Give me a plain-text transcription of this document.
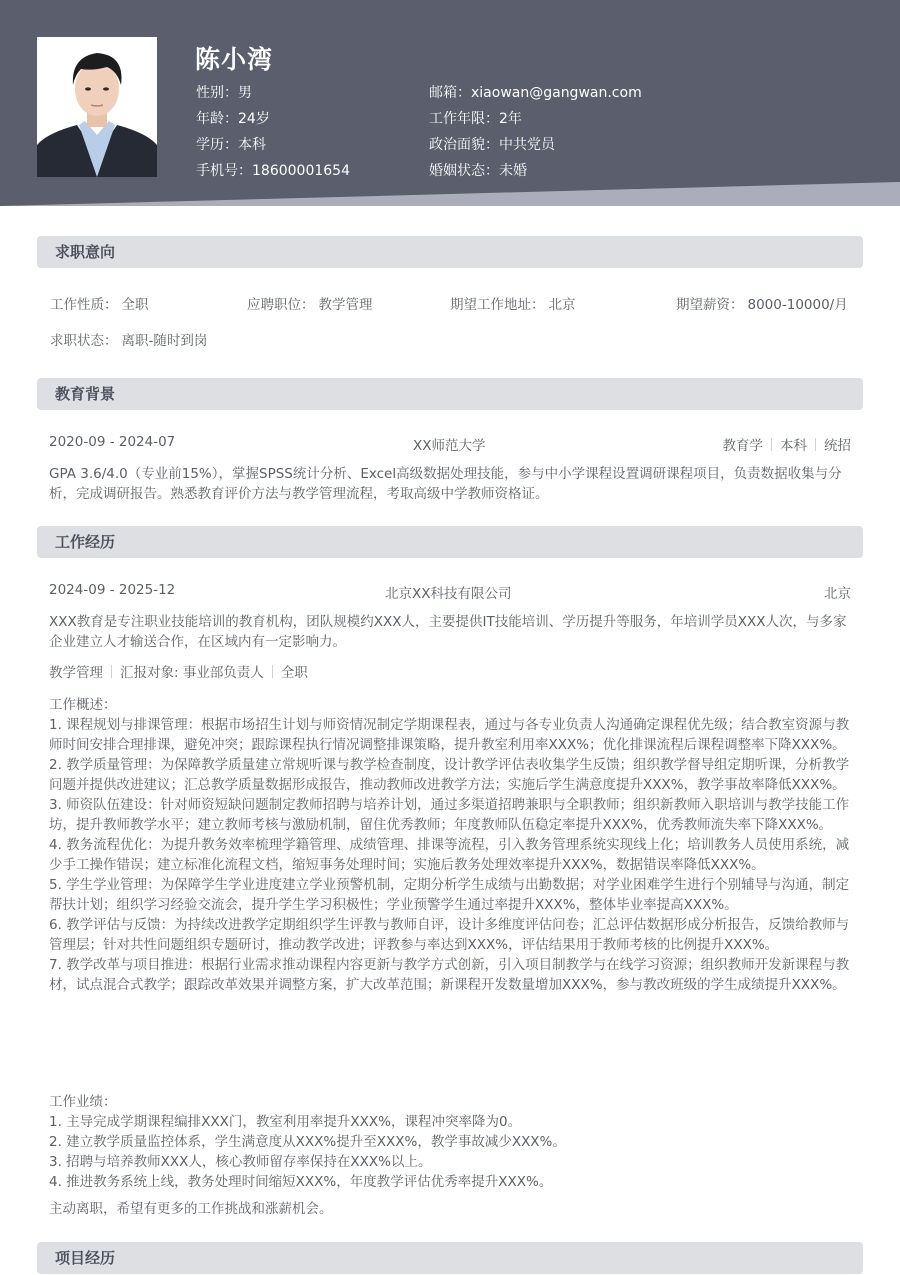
陈小湾
性别：男
年龄：24岁
学历：本科
手机号：18600001654
邮箱：xiaowan@gangwan.com
工作年限：2年
政治面貌：中共党员
婚姻状态：未婚
求职意向
工作性质： 全职	应聘职位： 教学管理	期望工作地址： 北京	期望薪资： 8000-10000/月
求职状态： 离职-随时到岗
教育背景
2020-09 - 2024-07	XX师范大学	教育学 本科 统招
GPA 3.6/4.0（专业前15%），掌握SPSS统计分析、Excel高级数据处理技能，参与中小学课程设置调研课程项目，负责数据收集与分析，完成调研报告。熟悉教育评价方法与教学管理流程，考取高级中学教师资格证。
工作经历
2024-09 - 2025-12	北京XX科技有限公司	北京
XXX教育是专注职业技能培训的教育机构，团队规模约XXX人，主要提供IT技能培训、学历提升等服务，年培训学员XXX人次，与多家企业建立人才输送合作，在区域内有一定影响力。
教学管理 汇报对象: 事业部负责人 全职
工作概述：
1. 课程规划与排课管理：根据市场招生计划与师资情况制定学期课程表，通过与各专业负责人沟通确定课程优先级；结合教室资源与教师时间安排合理排课，避免冲突；跟踪课程执行情况调整排课策略，提升教室利用率XXX%；优化排课流程后课程调整率下降XXX%。
2. 教学质量管理：为保障教学质量建立常规听课与教学检查制度，设计教学评估表收集学生反馈；组织教学督导组定期听课，分析教学问题并提供改进建议；汇总教学质量数据形成报告，推动教师改进教学方法；实施后学生满意度提升XXX%，教学事故率降低XXX%。
3. 师资队伍建设：针对师资短缺问题制定教师招聘与培养计划，通过多渠道招聘兼职与全职教师；组织新教师入职培训与教学技能工作坊，提升教师教学水平；建立教师考核与激励机制，留住优秀教师；年度教师队伍稳定率提升XXX%，优秀教师流失率下降XXX%。
4. 教务流程优化：为提升教务效率梳理学籍管理、成绩管理、排课等流程，引入教务管理系统实现线上化；培训教务人员使用系统，减少手工操作错误；建立标准化流程文档，缩短事务处理时间；实施后教务处理效率提升XXX%，数据错误率降低XXX%。
5. 学生学业管理：为保障学生学业进度建立学业预警机制，定期分析学生成绩与出勤数据；对学业困难学生进行个别辅导与沟通，制定帮扶计划；组织学习经验交流会，提升学生学习积极性；学业预警学生通过率提升XXX%，整体毕业率提高XXX%。
6. 教学评估与反馈：为持续改进教学定期组织学生评教与教师自评，设计多维度评估问卷；汇总评估数据形成分析报告，反馈给教师与管理层；针对共性问题组织专题研讨，推动教学改进；评教参与率达到XXX%，评估结果用于教师考核的比例提升XXX%。
7. 教学改革与项目推进：根据行业需求推动课程内容更新与教学方式创新，引入项目制教学与在线学习资源；组织教师开发新课程与教材，试点混合式教学；跟踪改革效果并调整方案，扩大改革范围；新课程开发数量增加XXX%，参与教改班级的学生成绩提升XXX%。
工作业绩：
1. 主导完成学期课程编排XXX门，教室利用率提升XXX%，课程冲突率降为0。
2. 建立教学质量监控体系，学生满意度从XXX%提升至XXX%，教学事故减少XXX%。
3. 招聘与培养教师XXX人，核心教师留存率保持在XXX%以上。
4. 推进教务系统上线，教务处理时间缩短XXX%，年度教学评估优秀率提升XXX%。
主动离职，希望有更多的工作挑战和涨薪机会。
项目经历
